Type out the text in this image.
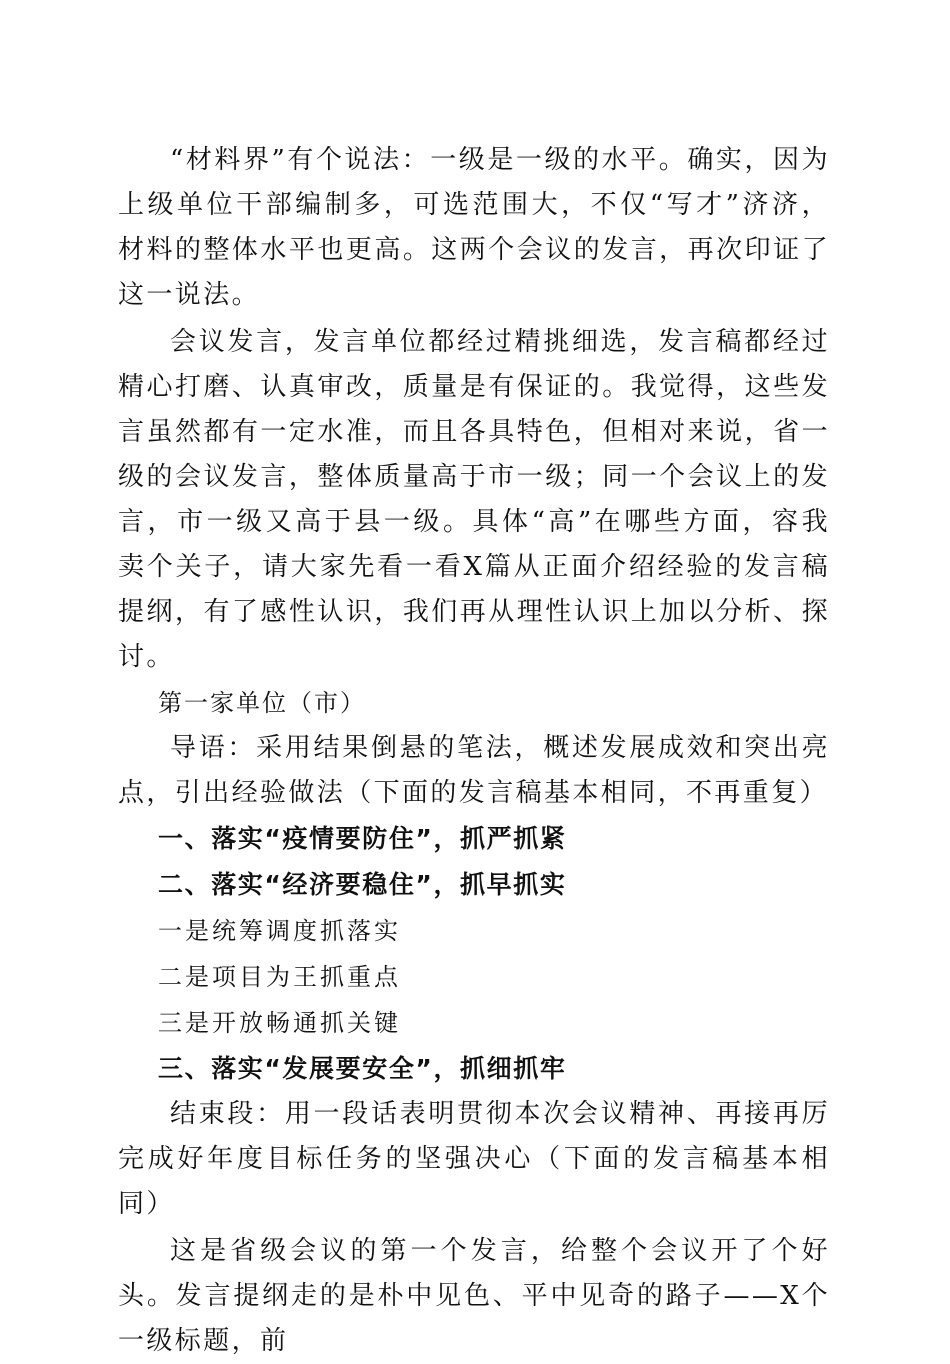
“材料界”有个说法：一级是一级的水平。确实，因为上级单位干部编制多，可选范围大，不仅“写才”济济，材料的整体水平也更高。这两个会议的发言，再次印证了这一说法。

会议发言，发言单位都经过精挑细选，发言稿都经过精心打磨、认真审改，质量是有保证的。我觉得，这些发言虽然都有一定水准，而且各具特色，但相对来说，省一级的会议发言，整体质量高于市一级；同一个会议上的发言，市一级又高于县一级。具体“高”在哪些方面，容我卖个关子，请大家先看一看X篇从正面介绍经验的发言稿提纲，有了感性认识，我们再从理性认识上加以分析、探讨。

第一家单位（市）

导语：采用结果倒悬的笔法，概述发展成效和突出亮点，引出经验做法（下面的发言稿基本相同，不再重复）

一、落实“疫情要防住”，抓严抓紧

二、落实“经济要稳住”，抓早抓实

一是统筹调度抓落实

二是项目为王抓重点

三是开放畅通抓关键

三、落实“发展要安全”，抓细抓牢

结束段：用一段话表明贯彻本次会议精神、再接再厉完成好年度目标任务的坚强决心（下面的发言稿基本相同）

这是省级会议的第一个发言，给整个会议开了个好头。发言提纲走的是朴中见色、平中见奇的路子——X个一级标题，前
